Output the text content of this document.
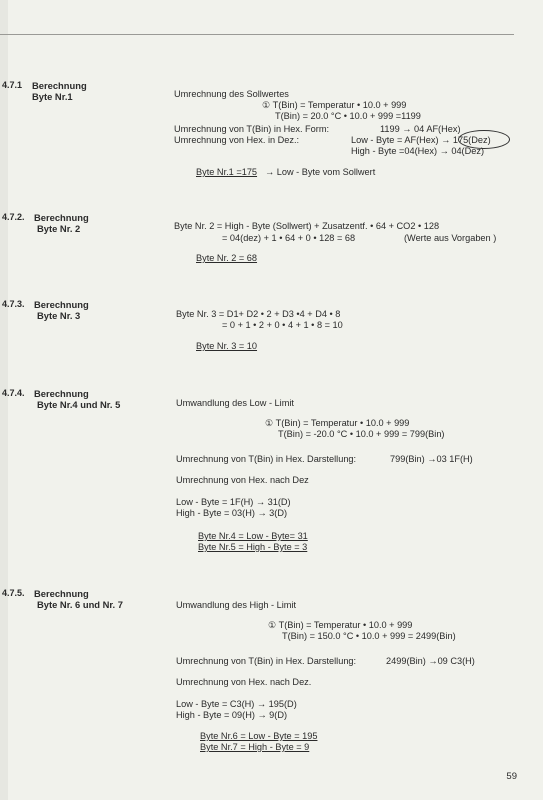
4.7.1 Berechnung
Byte Nr.1	Umrechnung des Sollwertes
① T(Bin) = Temperatur • 10.0 + 999
T(Bin) = 20.0 °C • 10.0 + 999 =1199
Umrechnung von T(Bin) in Hex. Form:	1199 → 04 AF(Hex)
Umrechnung von Hex. in Dez.:	Low - Byte = AF(Hex) → 175(Dez)
High - Byte =04(Hex) → 04(Dez)
Byte Nr.1 =175 → Low - Byte vom Sollwert
4.7.2. Berechnung
Byte Nr. 2	Byte Nr. 2 = High - Byte (Sollwert) + Zusatzentf. • 64 + CO2 • 128
= 04(dez) + 1 • 64 + 0 • 128 = 68	(Werte aus Vorgaben )
Byte Nr. 2 = 68
4.7.3. Berechnung
Byte Nr. 3	Byte Nr. 3 = D1+ D2 • 2 + D3 •4 + D4 • 8
= 0 + 1 • 2 + 0 • 4 + 1 • 8 = 10
Byte Nr. 3 = 10
4.7.4. Berechnung
Byte Nr.4 und Nr. 5	Umwandlung des Low - Limit
① T(Bin) = Temperatur • 10.0 + 999
T(Bin) = -20.0 °C • 10.0 + 999 = 799(Bin)
Umrechnung von T(Bin) in Hex. Darstellung:	799(Bin) →03 1F(H)
Umrechnung von Hex. nach Dez
Low - Byte = 1F(H) → 31(D)
High - Byte = 03(H) → 3(D)
Byte Nr.4 = Low - Byte= 31
Byte Nr.5 = High - Byte = 3
4.7.5. Berechnung
Byte Nr. 6 und Nr. 7	Umwandlung des High - Limit
① T(Bin) = Temperatur • 10.0 + 999
T(Bin) = 150.0 °C • 10.0 + 999 = 2499(Bin)
Umrechnung von T(Bin) in Hex. Darstellung:	2499(Bin) →09 C3(H)
Umrechnung von Hex. nach Dez.
Low - Byte = C3(H) → 195(D)
High - Byte = 09(H) → 9(D)
Byte Nr.6 = Low - Byte = 195
Byte Nr.7 = High - Byte = 9
59
